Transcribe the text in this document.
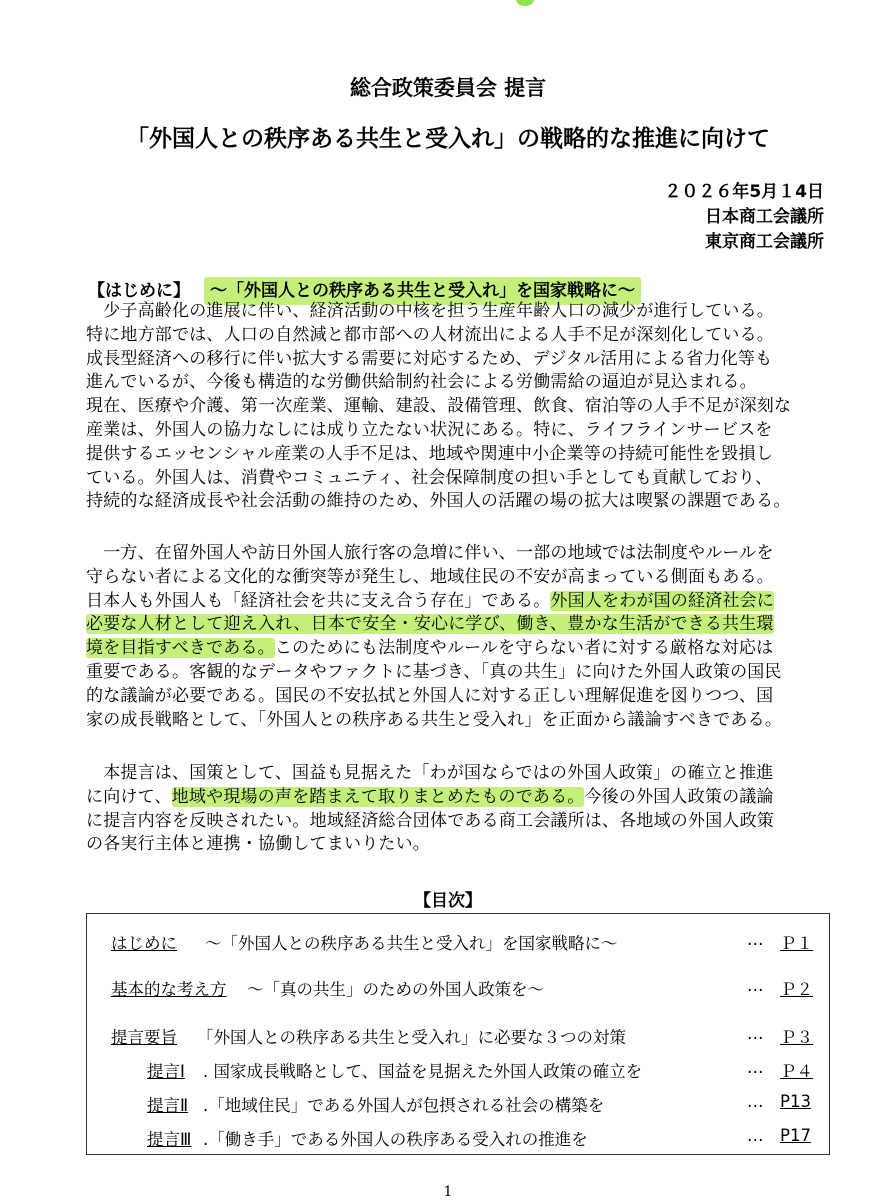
総合政策委員会 提言
「外国人との秩序ある共生と受入れ」の戦略的な推進に向けて
２０２６年5月１4日
日本商工会議所
東京商工会議所
【はじめに】 ～「外国人との秩序ある共生と受入れ」を国家戦略に～
　少子高齢化の進展に伴い、経済活動の中核を担う生産年齢人口の減少が進行している。
特に地方部では、人口の自然減と都市部への人材流出による人手不足が深刻化している。
成長型経済への移行に伴い拡大する需要に対応するため、デジタル活用による省力化等も
進んでいるが、今後も構造的な労働供給制約社会による労働需給の逼迫が見込まれる。
現在、医療や介護、第一次産業、運輸、建設、設備管理、飲食、宿泊等の人手不足が深刻な
産業は、外国人の協力なしには成り立たない状況にある。特に、ライフラインサービスを
提供するエッセンシャル産業の人手不足は、地域や関連中小企業等の持続可能性を毀損し
ている。外国人は、消費やコミュニティ、社会保障制度の担い手としても貢献しており、
持続的な経済成長や社会活動の維持のため、外国人の活躍の場の拡大は喫緊の課題である。
　一方、在留外国人や訪日外国人旅行客の急増に伴い、一部の地域では法制度やルールを
守らない者による文化的な衝突等が発生し、地域住民の不安が高まっている側面もある。
日本人も外国人も「経済社会を共に支え合う存在」である。外国人をわが国の経済社会に
必要な人材として迎え入れ、日本で安全・安心に学び、働き、豊かな生活ができる共生環
境を目指すべきである。このためにも法制度やルールを守らない者に対する厳格な対応は
重要である。客観的なデータやファクトに基づき、「真の共生」に向けた外国人政策の国民
的な議論が必要である。国民の不安払拭と外国人に対する正しい理解促進を図りつつ、国
家の成長戦略として、「外国人との秩序ある共生と受入れ」を正面から議論すべきである。
　本提言は、国策として、国益も見据えた「わが国ならではの外国人政策」の確立と推進
に向けて、地域や現場の声を踏まえて取りまとめたものである。今後の外国人政策の議論
に提言内容を反映されたい。地域経済総合団体である商工会議所は、各地域の外国人政策
の各実行主体と連携・協働してまいりたい。
【目次】
はじめに ～「外国人との秩序ある共生と受入れ」を国家戦略に～	… Ｐ１
基本的な考え方 ～「真の共生」のための外国人政策を～	… Ｐ２
提言要旨 「外国人との秩序ある共生と受入れ」に必要な３つの対策	… Ｐ３
提言Ⅰ . 国家成長戦略として、国益を見据えた外国人政策の確立を	… Ｐ４
提言Ⅱ .「地域住民」である外国人が包摂される社会の構築を	… P13
提言Ⅲ .「働き手」である外国人の秩序ある受入れの推進を	… P17
1
